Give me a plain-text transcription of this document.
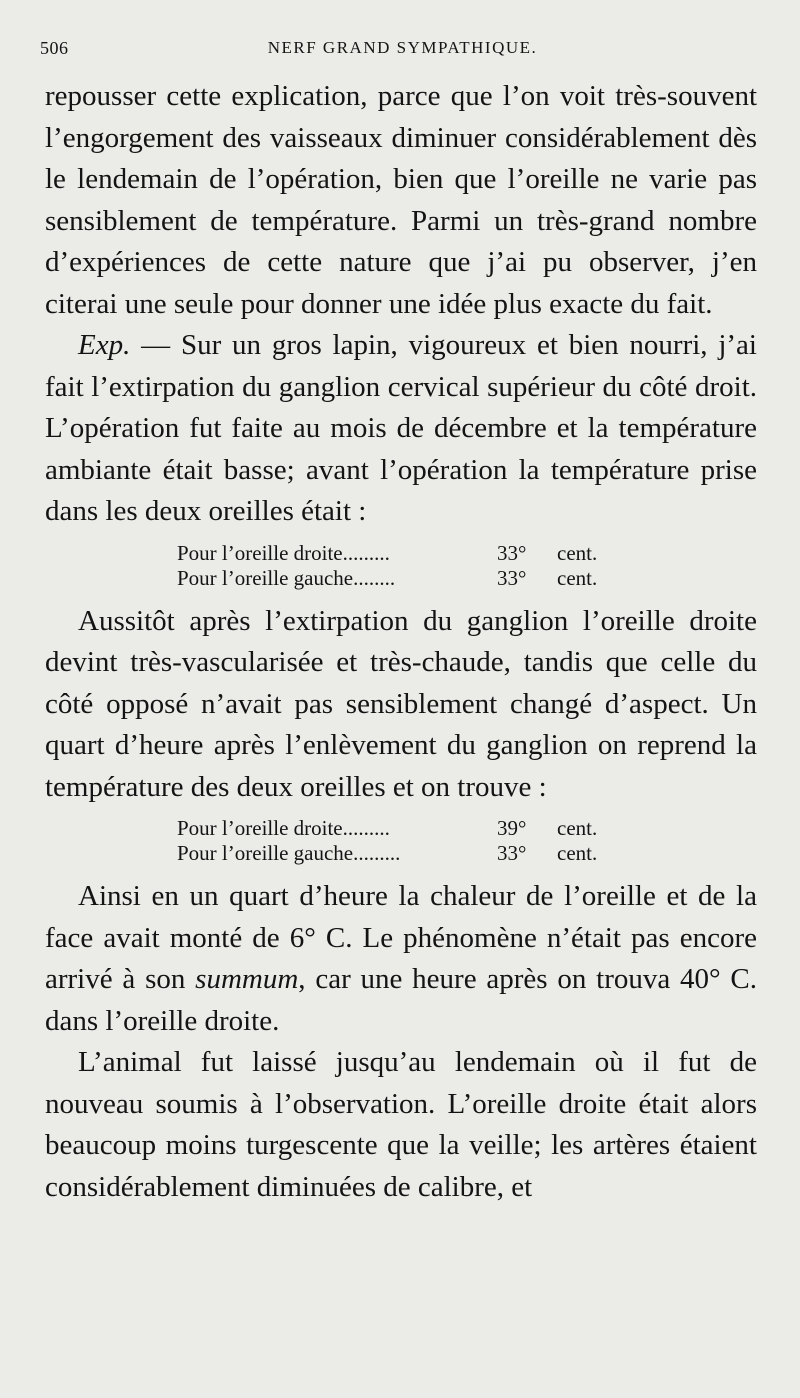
506	NERF GRAND SYMPATHIQUE.

repousser cette explication, parce que l’on voit très-souvent l’engorgement des vaisseaux diminuer considérablement dès le lendemain de l’opération, bien que l’oreille ne varie pas sensiblement de température. Parmi un très-grand nombre d’expériences de cette nature que j’ai pu observer, j’en citerai une seule pour donner une idée plus exacte du fait.

Exp. — Sur un gros lapin, vigoureux et bien nourri, j’ai fait l’extirpation du ganglion cervical supérieur du côté droit. L’opération fut faite au mois de décembre et la température ambiante était basse; avant l’opération la température prise dans les deux oreilles était :

Pour l’oreille droite.........	33°	cent.
Pour l’oreille gauche........	33°	cent.

Aussitôt après l’extirpation du ganglion l’oreille droite devint très-vascularisée et très-chaude, tandis que celle du côté opposé n’avait pas sensiblement changé d’aspect. Un quart d’heure après l’enlèvement du ganglion on reprend la température des deux oreilles et on trouve :

Pour l’oreille droite.........	39°	cent.
Pour l’oreille gauche.........	33°	cent.

Ainsi en un quart d’heure la chaleur de l’oreille et de la face avait monté de 6° C. Le phénomène n’était pas encore arrivé à son summum, car une heure après on trouva 40° C. dans l’oreille droite.

L’animal fut laissé jusqu’au lendemain où il fut de nouveau soumis à l’observation. L’oreille droite était alors beaucoup moins turgescente que la veille; les artères étaient considérablement diminuées de calibre, et
